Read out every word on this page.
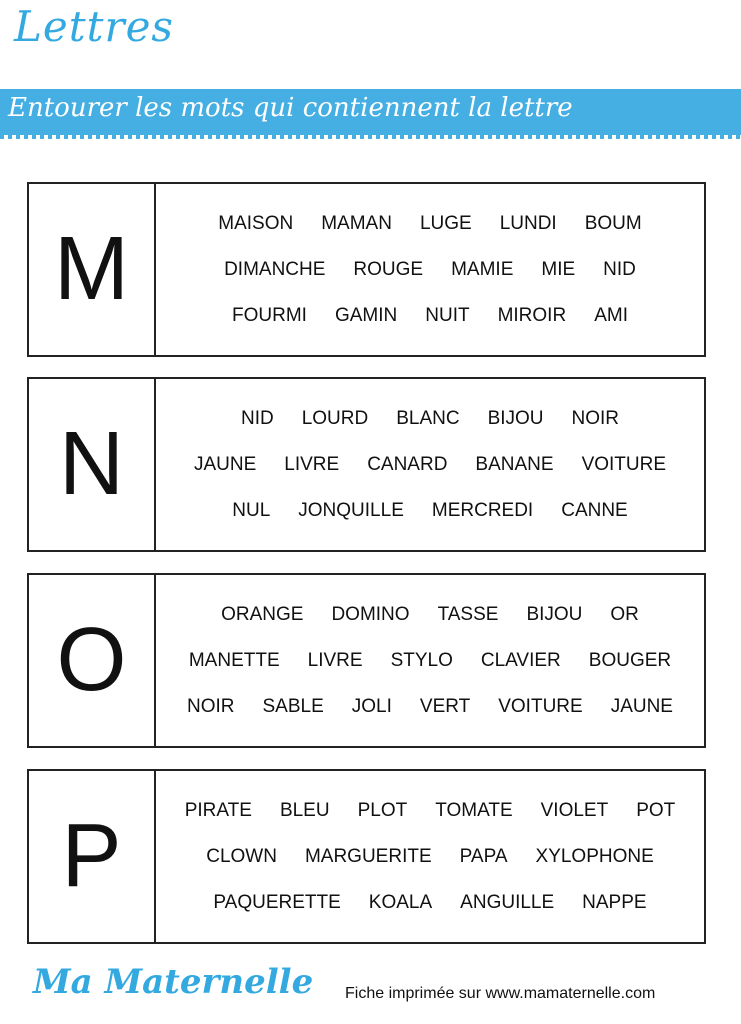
Lettres
Entourer les mots qui contiennent la lettre
M	MAISON MAMAN LUGE LUNDI BOUM
DIMANCHE ROUGE MAMIE MIE NID
FOURMI GAMIN NUIT MIROIR AMI
N	NID LOURD BLANC BIJOU NOIR
JAUNE LIVRE CANARD BANANE VOITURE
NUL JONQUILLE MERCREDI CANNE
O	ORANGE DOMINO TASSE BIJOU OR
MANETTE LIVRE STYLO CLAVIER BOUGER
NOIR SABLE JOLI VERT VOITURE JAUNE
P	PIRATE BLEU PLOT TOMATE VIOLET POT
CLOWN MARGUERITE PAPA XYLOPHONE
PAQUERETTE KOALA ANGUILLE NAPPE
Ma Maternelle Fiche imprimée sur www.mamaternelle.com
